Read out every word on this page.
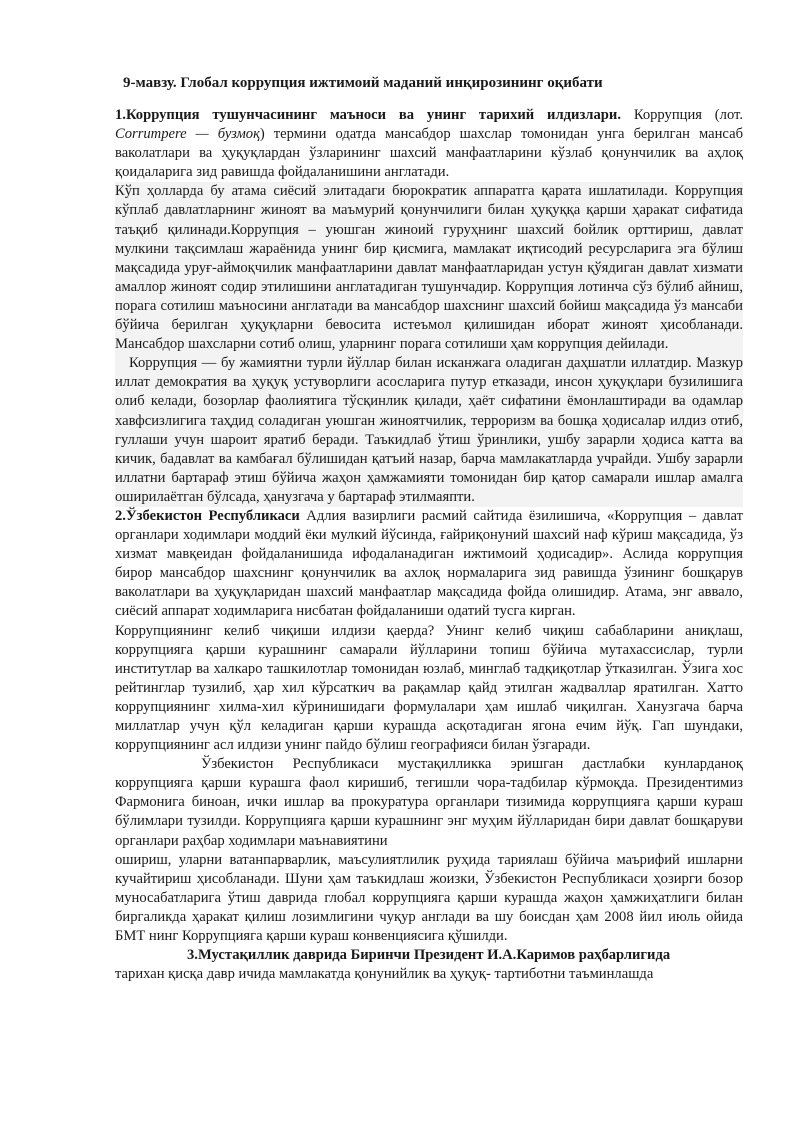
9-мавзу. Глобал коррупция ижтимоий маданий инқирозининг оқибати

1.Коррупция тушунчасининг маъноси ва унинг тарихий илдизлари. Коррупция (лот. Corrumpere — бузмоқ) термини одатда мансабдор шахслар томонидан унга берилган мансаб ваколатлари ва ҳуқуқлардан ўзларининг шахсий манфаатларини кўзлаб қонунчилик ва аҳлоқ қоидаларига зид равишда фойдаланишини англатади.

Кўп ҳолларда бу атама сиёсий элитадаги бюрократик аппаратга қарата ишлатилади. Коррупция кўплаб давлатларнинг жиноят ва маъмурий қонунчилиги билан ҳуқуққа қарши ҳаракат сифатида таъқиб қилинади.Коррупция – уюшган жиноий гуруҳнинг шахсий бойлик орттириш, давлат мулкини тақсимлаш жараёнида унинг бир қисмига, мамлакат иқтисодий ресурсларига эга бўлиш мақсадида уруғ-аймоқчилик манфаатларини давлат манфаатларидан устун қўядиган давлат хизмати амаллор жиноят содир этилишини англатадиган тушунчадир. Коррупция лотинча сўз бўлиб айниш, порага сотилиш маъносини англатади ва мансабдор шахснинг шахсий бойиш мақсадида ўз мансаби бўйича берилган ҳуқуқларни бевосита истеъмол қилишидан иборат жиноят ҳисобланади. Мансабдор шахсларни сотиб олиш, уларнинг порага сотилиши ҳам коррупция дейилади.

Коррупция — бу жамиятни турли йўллар билан исканжага оладиган даҳшатли иллатдир. Мазкур иллат демократия ва ҳуқуқ устуворлиги асосларига путур етказади, инсон ҳуқуқлари бузилишига олиб келади, бозорлар фаолиятига тўсқинлик қилади, ҳаёт сифатини ёмонлаштиради ва одамлар хавфсизлигига таҳдид соладиган уюшган жиноятчилик, терроризм ва бошқа ҳодисалар илдиз отиб, гуллаши учун шароит яратиб беради. Таъкидлаб ўтиш ўринлики, ушбу зарарли ҳодиса катта ва кичик, бадавлат ва камбағал бўлишидан қатъий назар, барча мамлакатларда учрайди. Ушбу зарарли иллатни бартараф этиш бўйича жаҳон ҳамжамияти томонидан бир қатор самарали ишлар амалга оширилаётган бўлсада, ҳанузгача у бартараф этилмаяпти.

2.Ўзбекистон Республикаси Адлия вазирлиги расмий сайтида ёзилишича, «Коррупция – давлат органлари ходимлари моддий ёки мулкий йўсинда, ғайриқонуний шахсий наф кўриш мақсадида, ўз хизмат мавқеидан фойдаланишида ифодаланадиган ижтимоий ҳодисадир». Аслида коррупция бирор мансабдор шахснинг қонунчилик ва ахлоқ нормаларига зид равишда ўзининг бошқарув ваколатлари ва ҳуқуқларидан шахсий манфаатлар мақсадида фойда олишидир. Атама, энг аввало, сиёсий аппарат ходимларига нисбатан фойдаланиши одатий тусга кирган.

Коррупциянинг келиб чиқиши илдизи қаерда? Унинг келиб чиқиш сабабларини аниқлаш, коррупцияга қарши курашнинг самарали йўлларини топиш бўйича мутахассислар, турли институтлар ва халкаро ташкилотлар томонидан юзлаб, минглаб тадқиқотлар ўтказилган. Ўзига хос рейтинглар тузилиб, ҳар хил кўрсаткич ва рақамлар қайд этилган жадваллар яратилган. Хатто коррупциянинг хилма-хил кўринишидаги формулалари ҳам ишлаб чиқилган. Ханузгача барча миллатлар учун қўл келадиган қарши курашда асқотадиган ягона ечим йўқ. Гап шундаки, коррупциянинг асл илдизи унинг пайдо бўлиш географияси билан ўзгаради.

Ўзбекистон Республикаси мустақилликка эришган дастлабки кунларданоқ коррупцияга қарши курашга фаол киришиб, тегишли чора-тадбилар кўрмоқда. Президентимиз Фармонига биноан, ички ишлар ва прокуратура органлари тизимида коррупцияга қарши кураш бўлимлари тузилди. Коррупцияга қарши курашнинг энг муҳим йўлларидан бири давлат бошқаруви органлари раҳбар ходимлари маънавиятини

ошириш, уларни ватанпарварлик, маъсулиятлилик руҳида тариялаш бўйича маърифий ишларни кучайтириш ҳисобланади. Шуни ҳам таъкидлаш жоизки, Ўзбекистон Республикаси ҳозирги бозор муносабатларига ўтиш даврида глобал коррупцияга қарши курашда жаҳон ҳамжиҳатлиги билан биргаликда ҳаракат қилиш лозимлигини чуқур англади ва шу боисдан ҳам 2008 йил июль ойида БМТ нинг Коррупцияга қарши кураш конвенциясига қўшилди.

3.Мустақиллик даврида Биринчи Президент И.А.Каримов раҳбарлигида

тарихан қисқа давр ичида мамлакатда қонунийлик ва ҳуқуқ- тартиботни таъминлашда
